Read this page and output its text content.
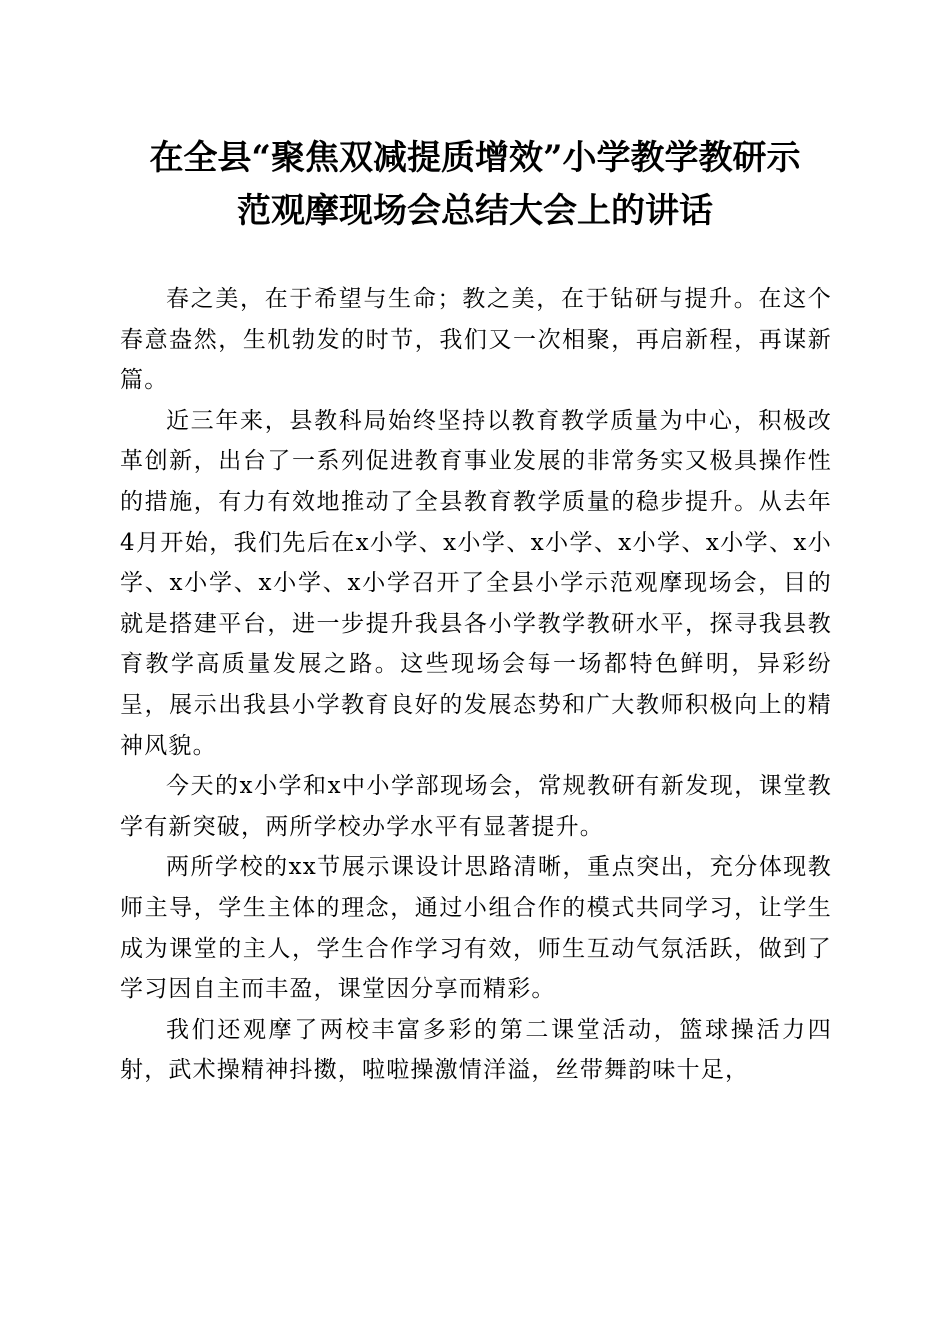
在全县“聚焦双减提质增效”小学教学教研示
范观摩现场会总结大会上的讲话

春之美，在于希望与生命；教之美，在于钻研与提升。在这个春意盎然，生机勃发的时节，我们又一次相聚，再启新程，再谋新篇。

近三年来，县教科局始终坚持以教育教学质量为中心，积极改革创新，出台了一系列促进教育事业发展的非常务实又极具操作性的措施，有力有效地推动了全县教育教学质量的稳步提升。从去年4月开始，我们先后在x小学、x小学、x小学、x小学、x小学、x小学、x小学、x小学、x小学召开了全县小学示范观摩现场会，目的就是搭建平台，进一步提升我县各小学教学教研水平，探寻我县教育教学高质量发展之路。这些现场会每一场都特色鲜明，异彩纷呈，展示出我县小学教育良好的发展态势和广大教师积极向上的精神风貌。

今天的x小学和x中小学部现场会，常规教研有新发现，课堂教学有新突破，两所学校办学水平有显著提升。

两所学校的xx节展示课设计思路清晰，重点突出，充分体现教师主导，学生主体的理念，通过小组合作的模式共同学习，让学生成为课堂的主人，学生合作学习有效，师生互动气氛活跃，做到了学习因自主而丰盈，课堂因分享而精彩。

我们还观摩了两校丰富多彩的第二课堂活动，篮球操活力四射，武术操精神抖擞，啦啦操激情洋溢，丝带舞韵味十足，
